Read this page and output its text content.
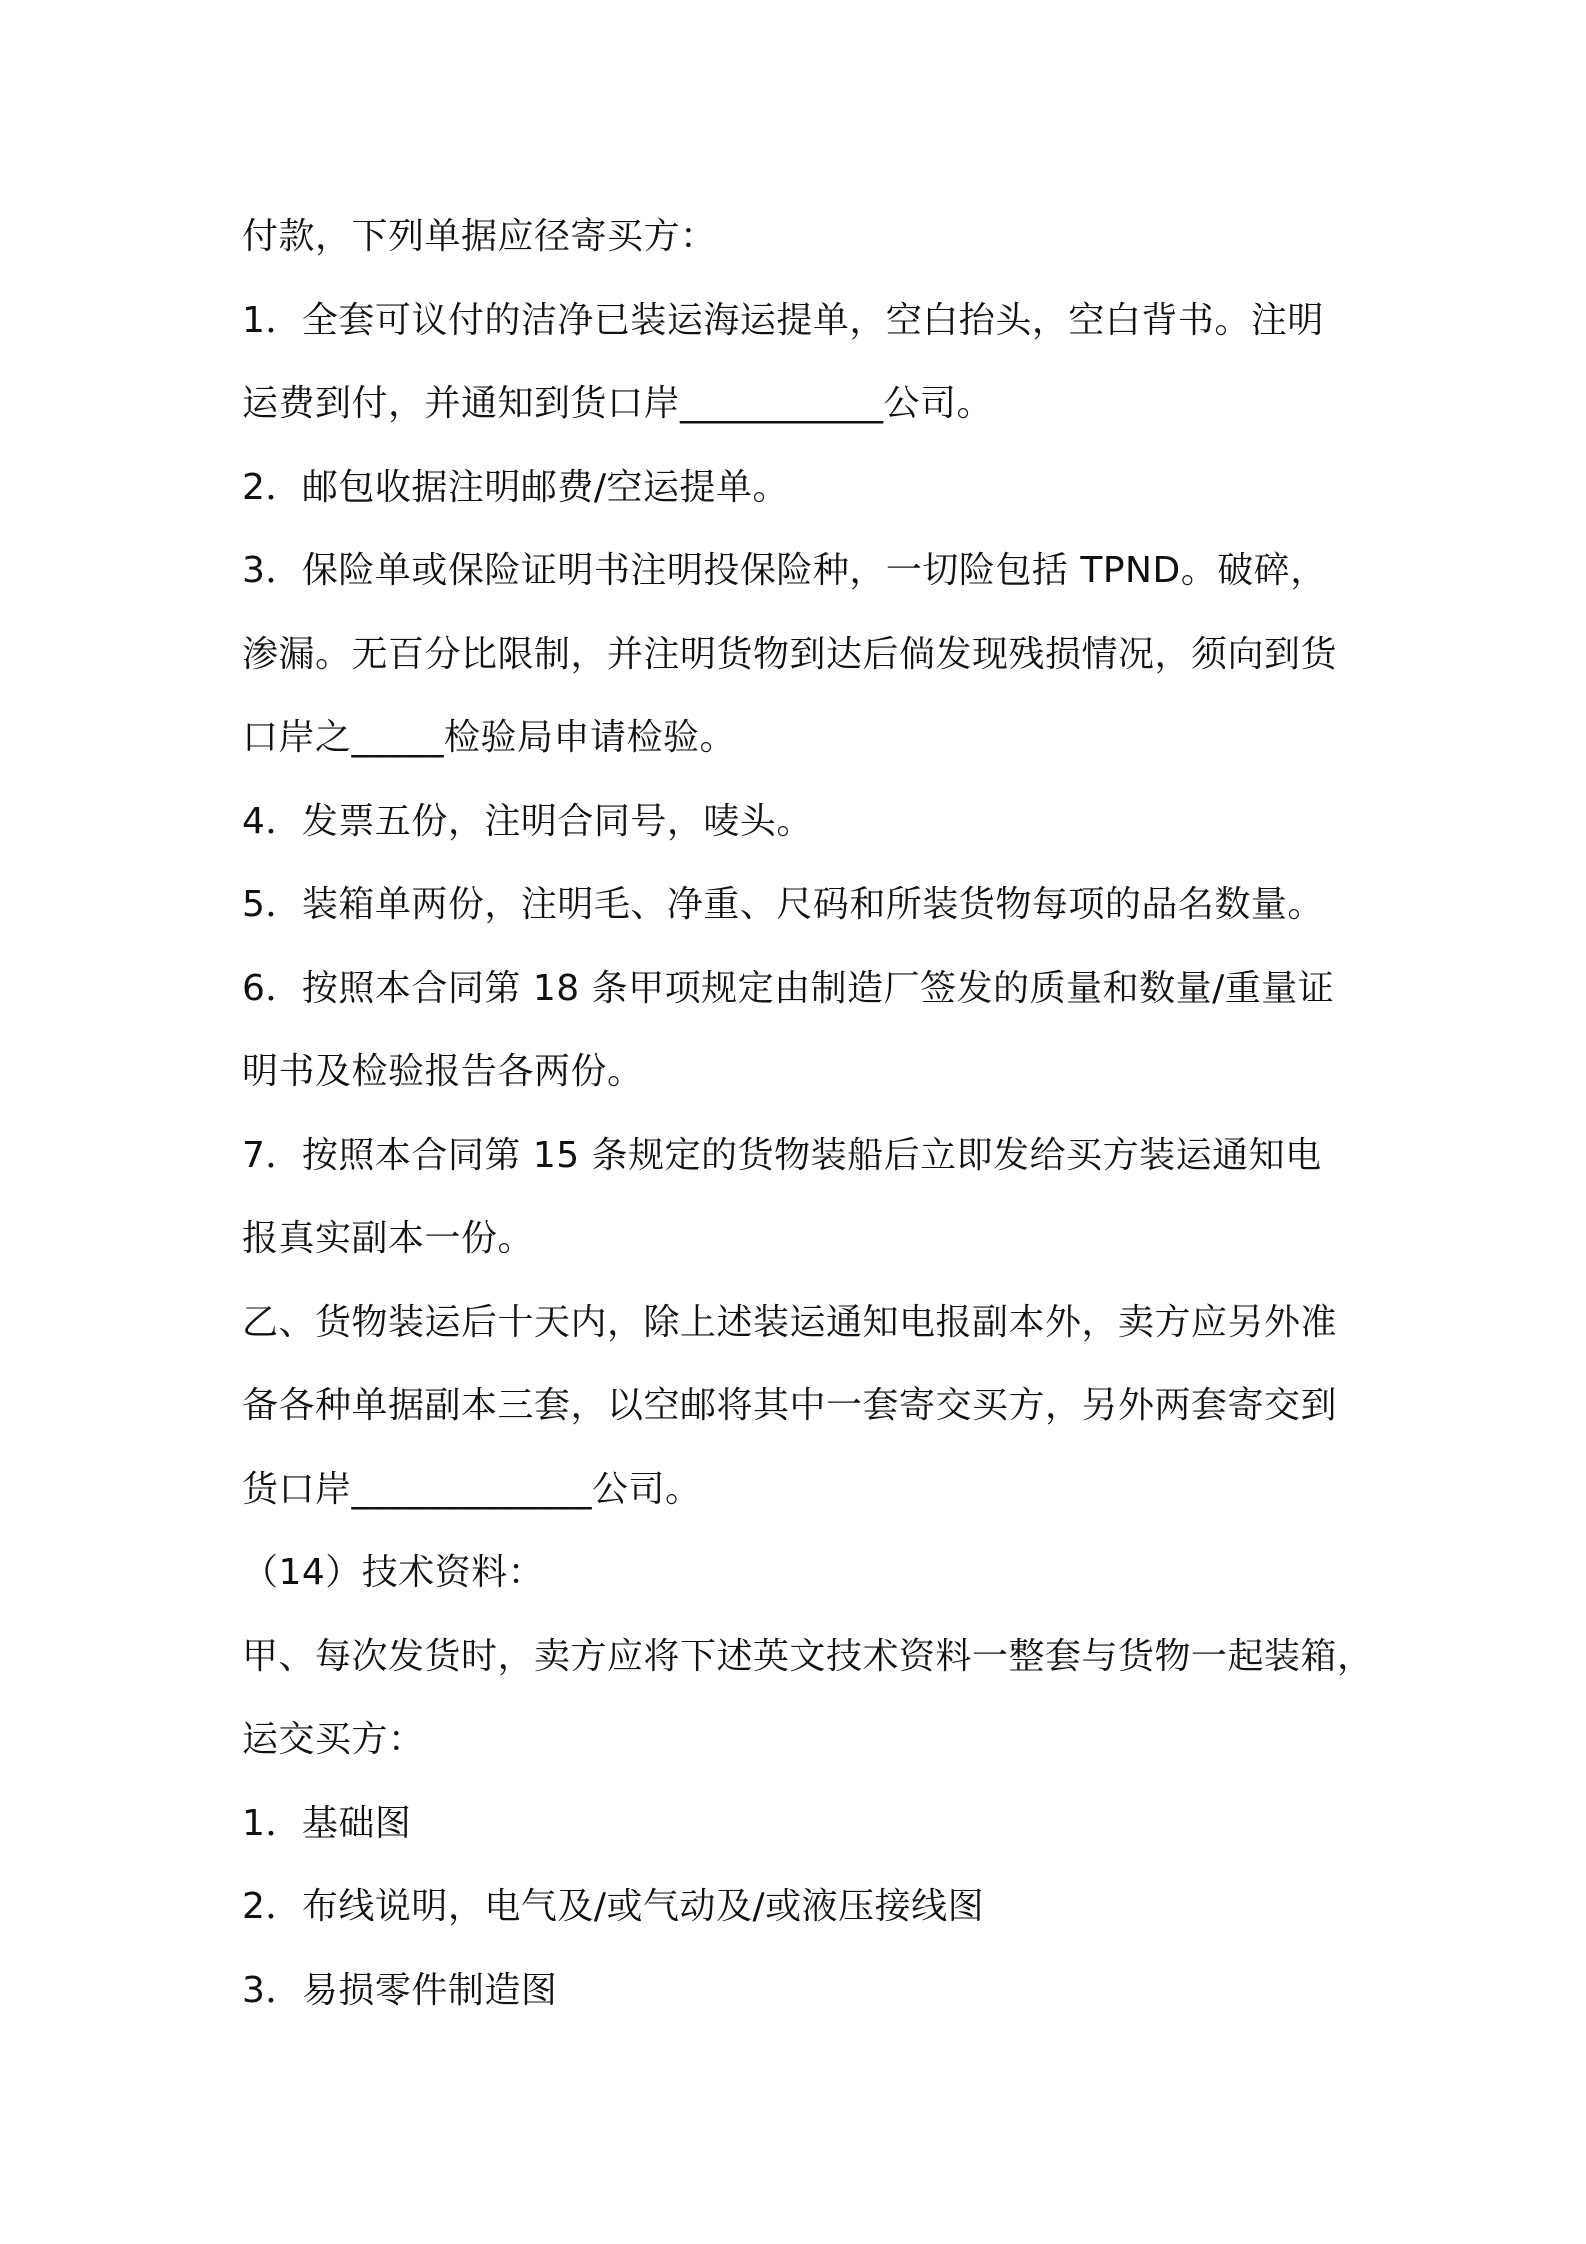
付款，下列单据应径寄买方：
1．全套可议付的洁净已装运海运提单，空白抬头，空白背书。注明
运费到付，并通知到货口岸___________公司。
2．邮包收据注明邮费/空运提单。
3．保险单或保险证明书注明投保险种，一切险包括 TPND。破碎，
渗漏。无百分比限制，并注明货物到达后倘发现残损情况，须向到货
口岸之_____检验局申请检验。
4．发票五份，注明合同号，唛头。
5．装箱单两份，注明毛、净重、尺码和所装货物每项的品名数量。
6．按照本合同第 18 条甲项规定由制造厂签发的质量和数量/重量证
明书及检验报告各两份。
7．按照本合同第 15 条规定的货物装船后立即发给买方装运通知电
报真实副本一份。
乙、货物装运后十天内，除上述装运通知电报副本外，卖方应另外准
备各种单据副本三套，以空邮将其中一套寄交买方，另外两套寄交到
货口岸_____________公司。
（14）技术资料：
甲、每次发货时，卖方应将下述英文技术资料一整套与货物一起装箱，
运交买方：
1．基础图
2．布线说明，电气及/或气动及/或液压接线图
3．易损零件制造图
